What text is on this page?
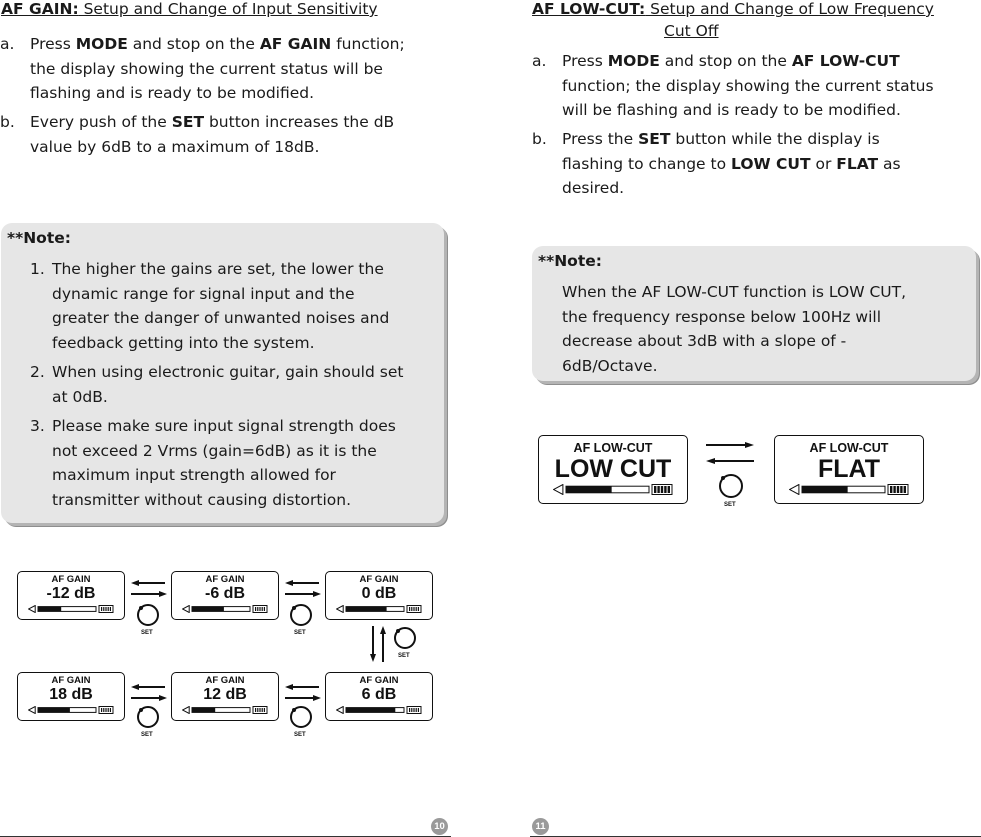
AF GAIN: Setup and Change of Input Sensitivity
a. Press MODE and stop on the AF GAIN function;
the display showing the current status will be
flashing and is ready to be modified.
b. Every push of the SET button increases the dB
value by 6dB to a maximum of 18dB.
**Note:
1. The higher the gains are set, the lower the
dynamic range for signal input and the
greater the danger of unwanted noises and
feedback getting into the system.
2. When using electronic guitar, gain should set
at 0dB.
3. Please make sure input signal strength does
not exceed 2 Vrms (gain=6dB) as it is the
maximum input strength allowed for
transmitter without causing distortion.
AF GAIN
-12 dB
AF GAIN
-6 dB
AF GAIN
0 dB
AF GAIN
18 dB
AF GAIN
12 dB
AF GAIN
6 dB
SET	SET
SET
SET	SET
10
AF LOW-CUT: Setup and Change of Low Frequency
Cut Off
a. Press MODE and stop on the AF LOW-CUT
function; the display showing the current status
will be flashing and is ready to be modified.
b. Press the SET button while the display is
flashing to change to LOW CUT or FLAT as
desired.
**Note:
When the AF LOW-CUT function is LOW CUT,
the frequency response below 100Hz will
decrease about 3dB with a slope of -
6dB/Octave.
AF LOW-CUT
LOW CUT
AF LOW-CUT
FLAT
SET
11
